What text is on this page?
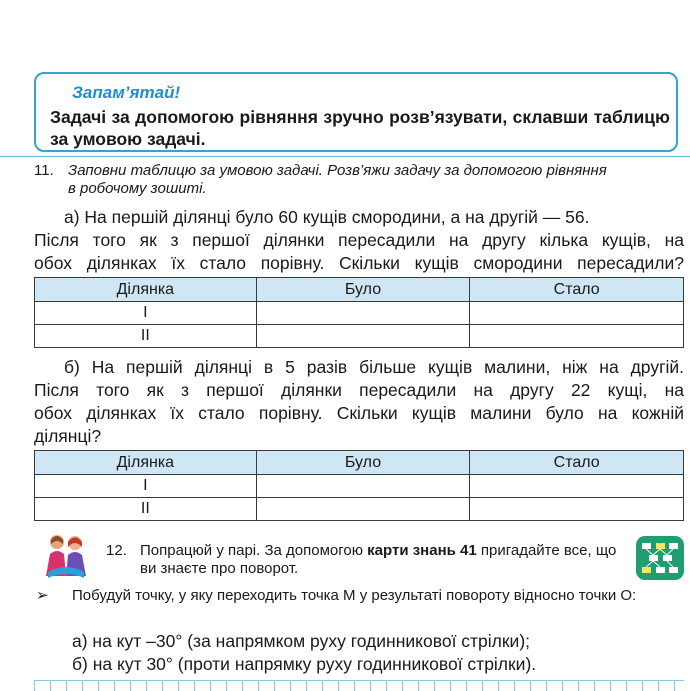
Запам’ятай!
Задачі за допомогою рівняння зручно розв’язувати, склавши таблицю за умовою задачі.
11. Заповни таблицю за умовою задачі. Розв’яжи задачу за допомогою рівняння
в робочому зошиті.
а) На першій ділянці було 60 кущів смородини, а на другій — 56.
Після того як з першої ділянки пересадили на другу кілька кущів, на
обох ділянках їх стало порівну. Скільки кущів смородини пересадили?
Ділянка	Було	Стало
I		
II		
б) На першій ділянці в 5 разів більше кущів малини, ніж на другій.
Після того як з першої ділянки пересадили на другу 22 кущі, на
обох ділянках їх стало порівну. Скільки кущів малини було на кожній
ділянці?
Ділянка	Було	Стало
I		
II		
12. Попрацюй у парі. За допомогою карти знань 41 пригадайте все, що ви знаєте про поворот.
➢ Побудуй точку, у яку переходить точка M у результаті повороту відносно точки O:
а) на кут –30° (за напрямком руху годинникової стрілки);
б) на кут 30° (проти напрямку руху годинникової стрілки).
